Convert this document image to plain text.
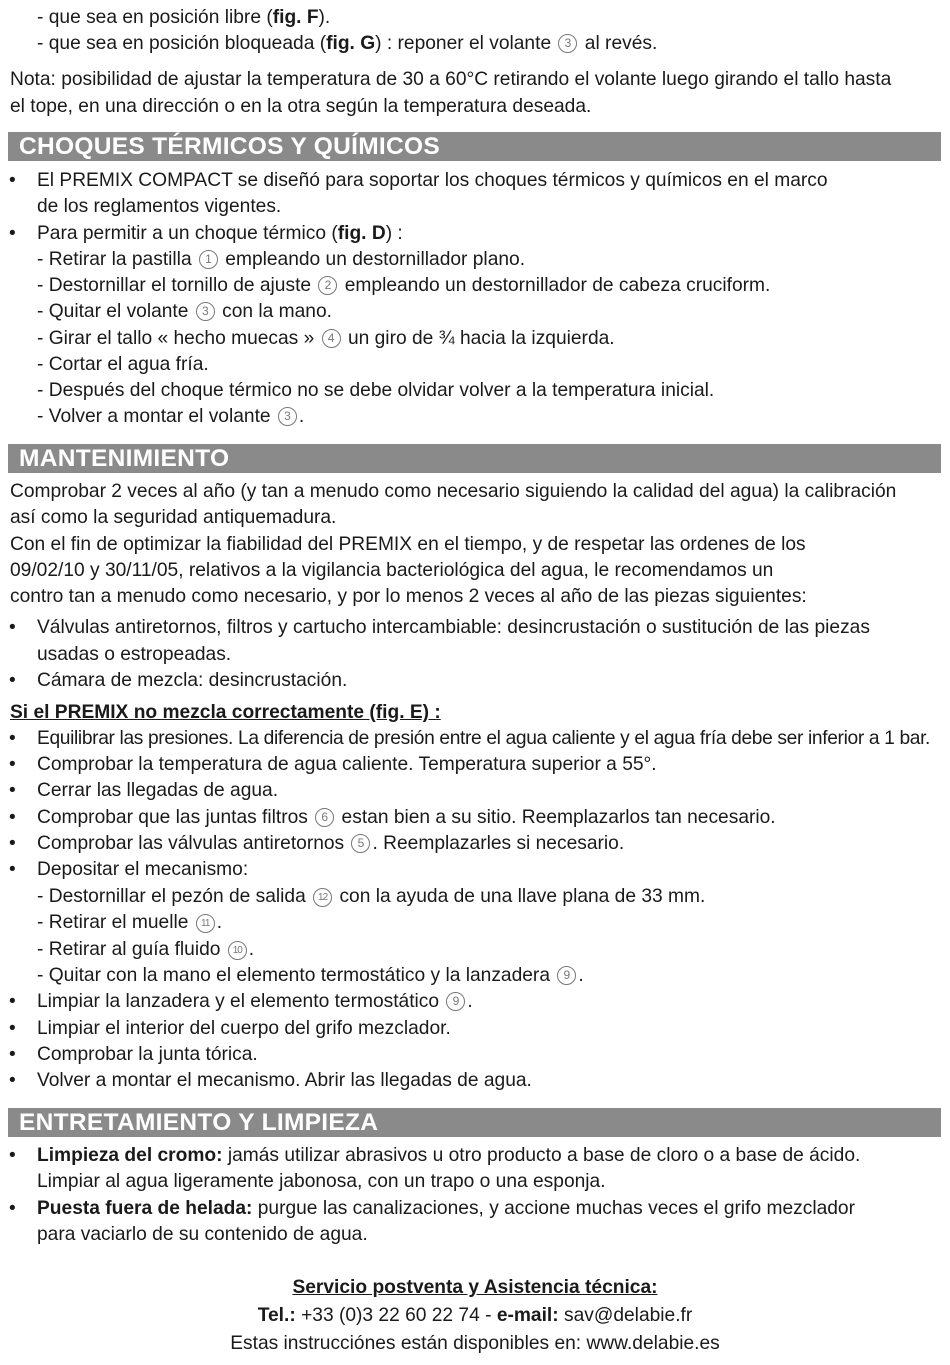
- que sea en posición libre (fig. F).
- que sea en posición bloqueada (fig. G) : reponer el volante 3 al revés.
Nota: posibilidad de ajustar la temperatura de 30 a 60°C retirando el volante luego girando el tallo hasta
el tope, en una dirección o en la otra según la temperatura deseada.
CHOQUES TÉRMICOS Y QUÍMICOS
• El PREMIX COMPACT se diseñó para soportar los choques térmicos y químicos en el marco
de los reglamentos vigentes.
• Para permitir a un choque térmico (fig. D) :
- Retirar la pastilla 1 empleando un destornillador plano.
- Destornillar el tornillo de ajuste 2 empleando un destornillador de cabeza cruciform.
- Quitar el volante 3 con la mano.
- Girar el tallo « hecho muecas » 4 un giro de ¾ hacia la izquierda.
- Cortar el agua fría.
- Después del choque térmico no se debe olvidar volver a la temperatura inicial.
- Volver a montar el volante 3 .
MANTENIMIENTO
Comprobar 2 veces al año (y tan a menudo como necesario siguiendo la calidad del agua) la calibración
así como la seguridad antiquemadura.
Con el fin de optimizar la fiabilidad del PREMIX en el tiempo, y de respetar las ordenes de los
09/02/10 y 30/11/05, relativos a la vigilancia bacteriológica del agua, le recomendamos un
contro tan a menudo como necesario, y por lo menos 2 veces al año de las piezas siguientes:
• Válvulas antiretornos, filtros y cartucho intercambiable: desincrustación o sustitución de las piezas
usadas o estropeadas.
• Cámara de mezcla: desincrustación.
Si el PREMIX no mezcla correctamente (fig. E) :
• Equilibrar las presiones. La diferencia de presión entre el agua caliente y el agua fría debe ser inferior a 1 bar.
• Comprobar la temperatura de agua caliente. Temperatura superior a 55°.
• Cerrar las llegadas de agua.
• Comprobar que las juntas filtros 6 estan bien a su sitio. Reemplazarlos tan necesario.
• Comprobar las válvulas antiretornos 5 . Reemplazarles si necesario.
• Depositar el mecanismo:
- Destornillar el pezón de salida 12 con la ayuda de una llave plana de 33 mm.
- Retirar el muelle 11 .
- Retirar al guía fluido 10 .
- Quitar con la mano el elemento termostático y la lanzadera 9 .
• Limpiar la lanzadera y el elemento termostático 9 .
• Limpiar el interior del cuerpo del grifo mezclador.
• Comprobar la junta tórica.
• Volver a montar el mecanismo. Abrir las llegadas de agua.
ENTRETAMIENTO Y LIMPIEZA
• Limpieza del cromo: jamás utilizar abrasivos u otro producto a base de cloro o a base de ácido.
Limpiar al agua ligeramente jabonosa, con un trapo o una esponja.
• Puesta fuera de helada: purgue las canalizaciones, y accione muchas veces el grifo mezclador
para vaciarlo de su contenido de agua.
Servicio postventa y Asistencia técnica:
Tel.: +33 (0)3 22 60 22 74 - e-mail: sav@delabie.fr
Estas instrucciónes están disponibles en: www.delabie.es
